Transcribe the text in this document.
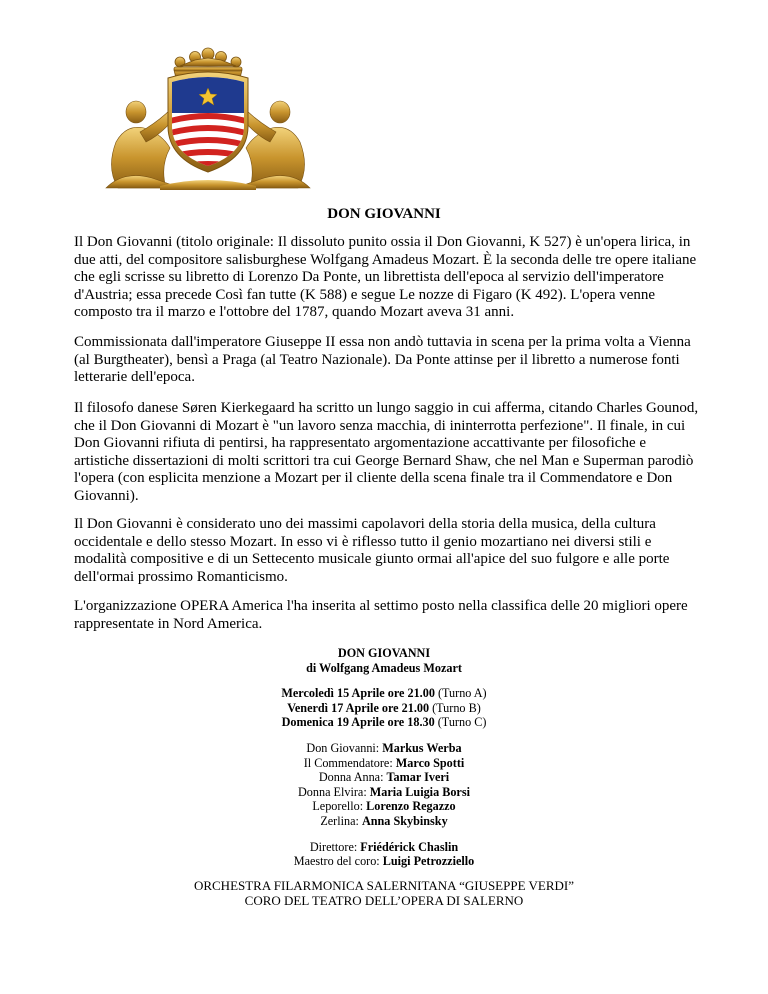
DON GIOVANNI

Il Don Giovanni (titolo originale: Il dissoluto punito ossia il Don Giovanni, K 527) è un'opera lirica, in due atti, del compositore salisburghese Wolfgang Amadeus Mozart. È la seconda delle tre opere italiane che egli scrisse su libretto di Lorenzo Da Ponte, un librettista dell'epoca al servizio dell'imperatore d'Austria; essa precede Così fan tutte (K 588) e segue Le nozze di Figaro (K 492). L'opera venne composto tra il marzo e l'ottobre del 1787, quando Mozart aveva 31 anni.

Commissionata dall'imperatore Giuseppe II essa non andò tuttavia in scena per la prima volta a Vienna (al Burgtheater), bensì a Praga (al Teatro Nazionale). Da Ponte attinse per il libretto a numerose fonti letterarie dell'epoca.

Il filosofo danese Søren Kierkegaard ha scritto un lungo saggio in cui afferma, citando Charles Gounod, che il Don Giovanni di Mozart è "un lavoro senza macchia, di ininterrotta perfezione". Il finale, in cui Don Giovanni rifiuta di pentirsi, ha rappresentato argomentazione accattivante per filosofiche e artistiche dissertazioni di molti scrittori tra cui George Bernard Shaw, che nel Man e Superman parodiò l'opera (con esplicita menzione a Mozart per il cliente della scena finale tra il Commendatore e Don Giovanni).

Il Don Giovanni è considerato uno dei massimi capolavori della storia della musica, della cultura occidentale e dello stesso Mozart. In esso vi è riflesso tutto il genio mozartiano nei diversi stili e modalità compositive e di un Settecento musicale giunto ormai all'apice del suo fulgore e alle porte dell'ormai prossimo Romanticismo.

L'organizzazione OPERA America l'ha inserita al settimo posto nella classifica delle 20 migliori opere rappresentate in Nord America.

DON GIOVANNI
di Wolfgang Amadeus Mozart
Mercoledì 15 Aprile ore 21.00 (Turno A)
Venerdì 17 Aprile ore 21.00 (Turno B)
Domenica 19 Aprile ore 18.30 (Turno C)
Don Giovanni: Markus Werba
Il Commendatore: Marco Spotti
Donna Anna: Tamar Iveri
Donna Elvira: Maria Luigia Borsi
Leporello: Lorenzo Regazzo
Zerlina: Anna Skybinsky
Direttore: Friédérick Chaslin
Maestro del coro: Luigi Petrozziello
ORCHESTRA FILARMONICA SALERNITANA “GIUSEPPE VERDI”
CORO DEL TEATRO DELL’OPERA DI SALERNO
